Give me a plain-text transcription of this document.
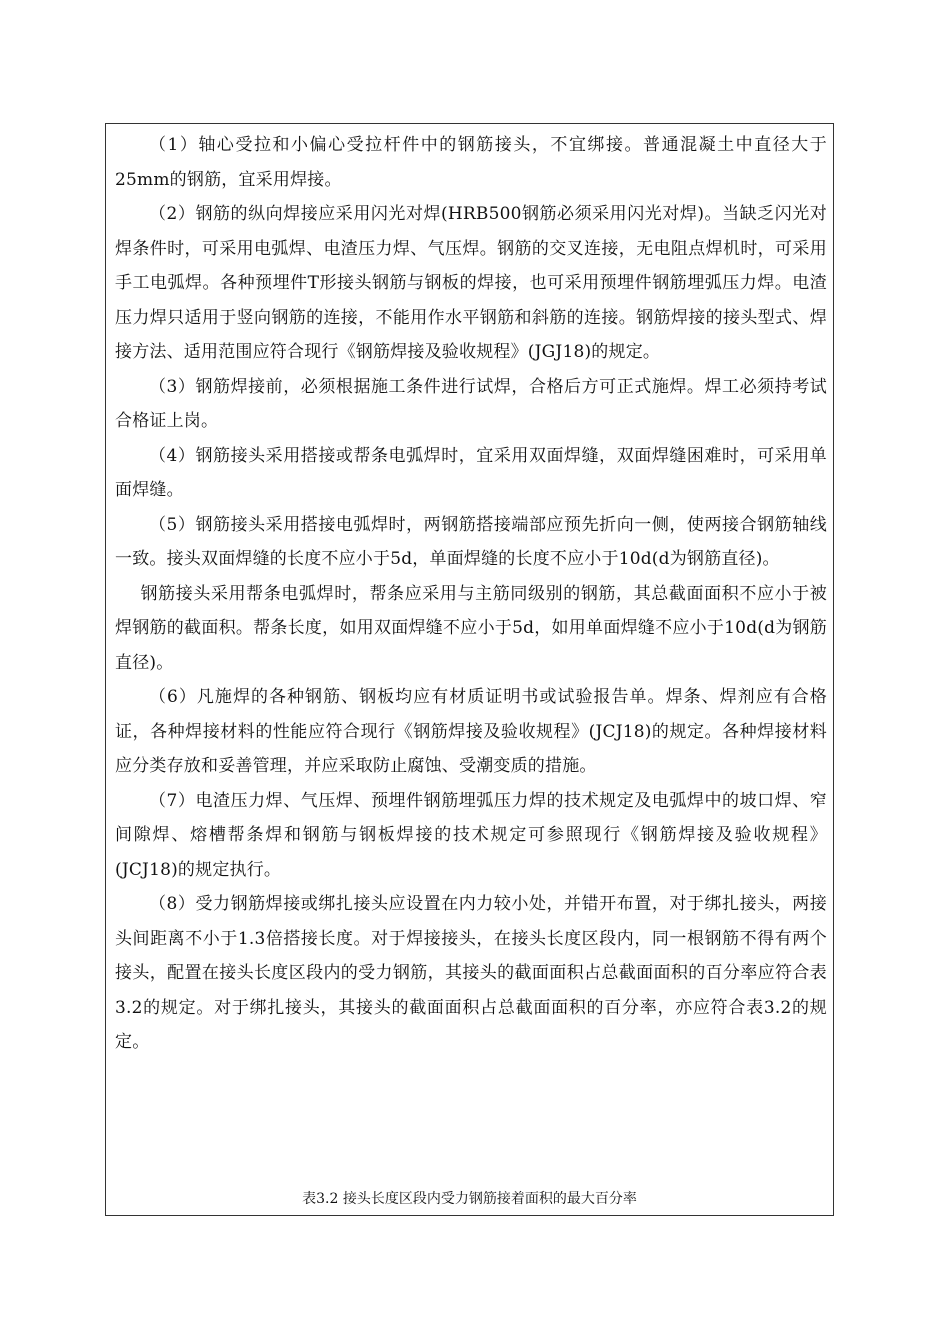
（1）轴心受拉和小偏心受拉杆件中的钢筋接头，不宜绑接。普通混凝土中直径大于25mm的钢筋，宜采用焊接。

（2）钢筋的纵向焊接应采用闪光对焊(HRB500钢筋必须采用闪光对焊)。当缺乏闪光对焊条件时，可采用电弧焊、电渣压力焊、气压焊。钢筋的交叉连接，无电阻点焊机时，可采用手工电弧焊。各种预埋件T形接头钢筋与钢板的焊接，也可采用预埋件钢筋埋弧压力焊。电渣压力焊只适用于竖向钢筋的连接，不能用作水平钢筋和斜筋的连接。钢筋焊接的接头型式、焊接方法、适用范围应符合现行《钢筋焊接及验收规程》(JGJ18)的规定。

（3）钢筋焊接前，必须根据施工条件进行试焊，合格后方可正式施焊。焊工必须持考试合格证上岗。

（4）钢筋接头采用搭接或帮条电弧焊时，宜采用双面焊缝，双面焊缝困难时，可采用单面焊缝。

（5）钢筋接头采用搭接电弧焊时，两钢筋搭接端部应预先折向一侧，使两接合钢筋轴线一致。接头双面焊缝的长度不应小于5d，单面焊缝的长度不应小于10d(d为钢筋直径)。

钢筋接头采用帮条电弧焊时，帮条应采用与主筋同级别的钢筋，其总截面面积不应小于被焊钢筋的截面积。帮条长度，如用双面焊缝不应小于5d，如用单面焊缝不应小于10d(d为钢筋直径)。

（6）凡施焊的各种钢筋、钢板均应有材质证明书或试验报告单。焊条、焊剂应有合格证，各种焊接材料的性能应符合现行《钢筋焊接及验收规程》(JCJ18)的规定。各种焊接材料应分类存放和妥善管理，并应采取防止腐蚀、受潮变质的措施。

（7）电渣压力焊、气压焊、预埋件钢筋埋弧压力焊的技术规定及电弧焊中的坡口焊、窄间隙焊、熔槽帮条焊和钢筋与钢板焊接的技术规定可参照现行《钢筋焊接及验收规程》(JCJ18)的规定执行。

（8）受力钢筋焊接或绑扎接头应设置在内力较小处，并错开布置，对于绑扎接头，两接头间距离不小于1.3倍搭接长度。对于焊接接头，在接头长度区段内，同一根钢筋不得有两个接头，配置在接头长度区段内的受力钢筋，其接头的截面面积占总截面面积的百分率应符合表3.2的规定。对于绑扎接头，其接头的截面面积占总截面面积的百分率，亦应符合表3.2的规定。

表3.2 接头长度区段内受力钢筋接着面积的最大百分率
